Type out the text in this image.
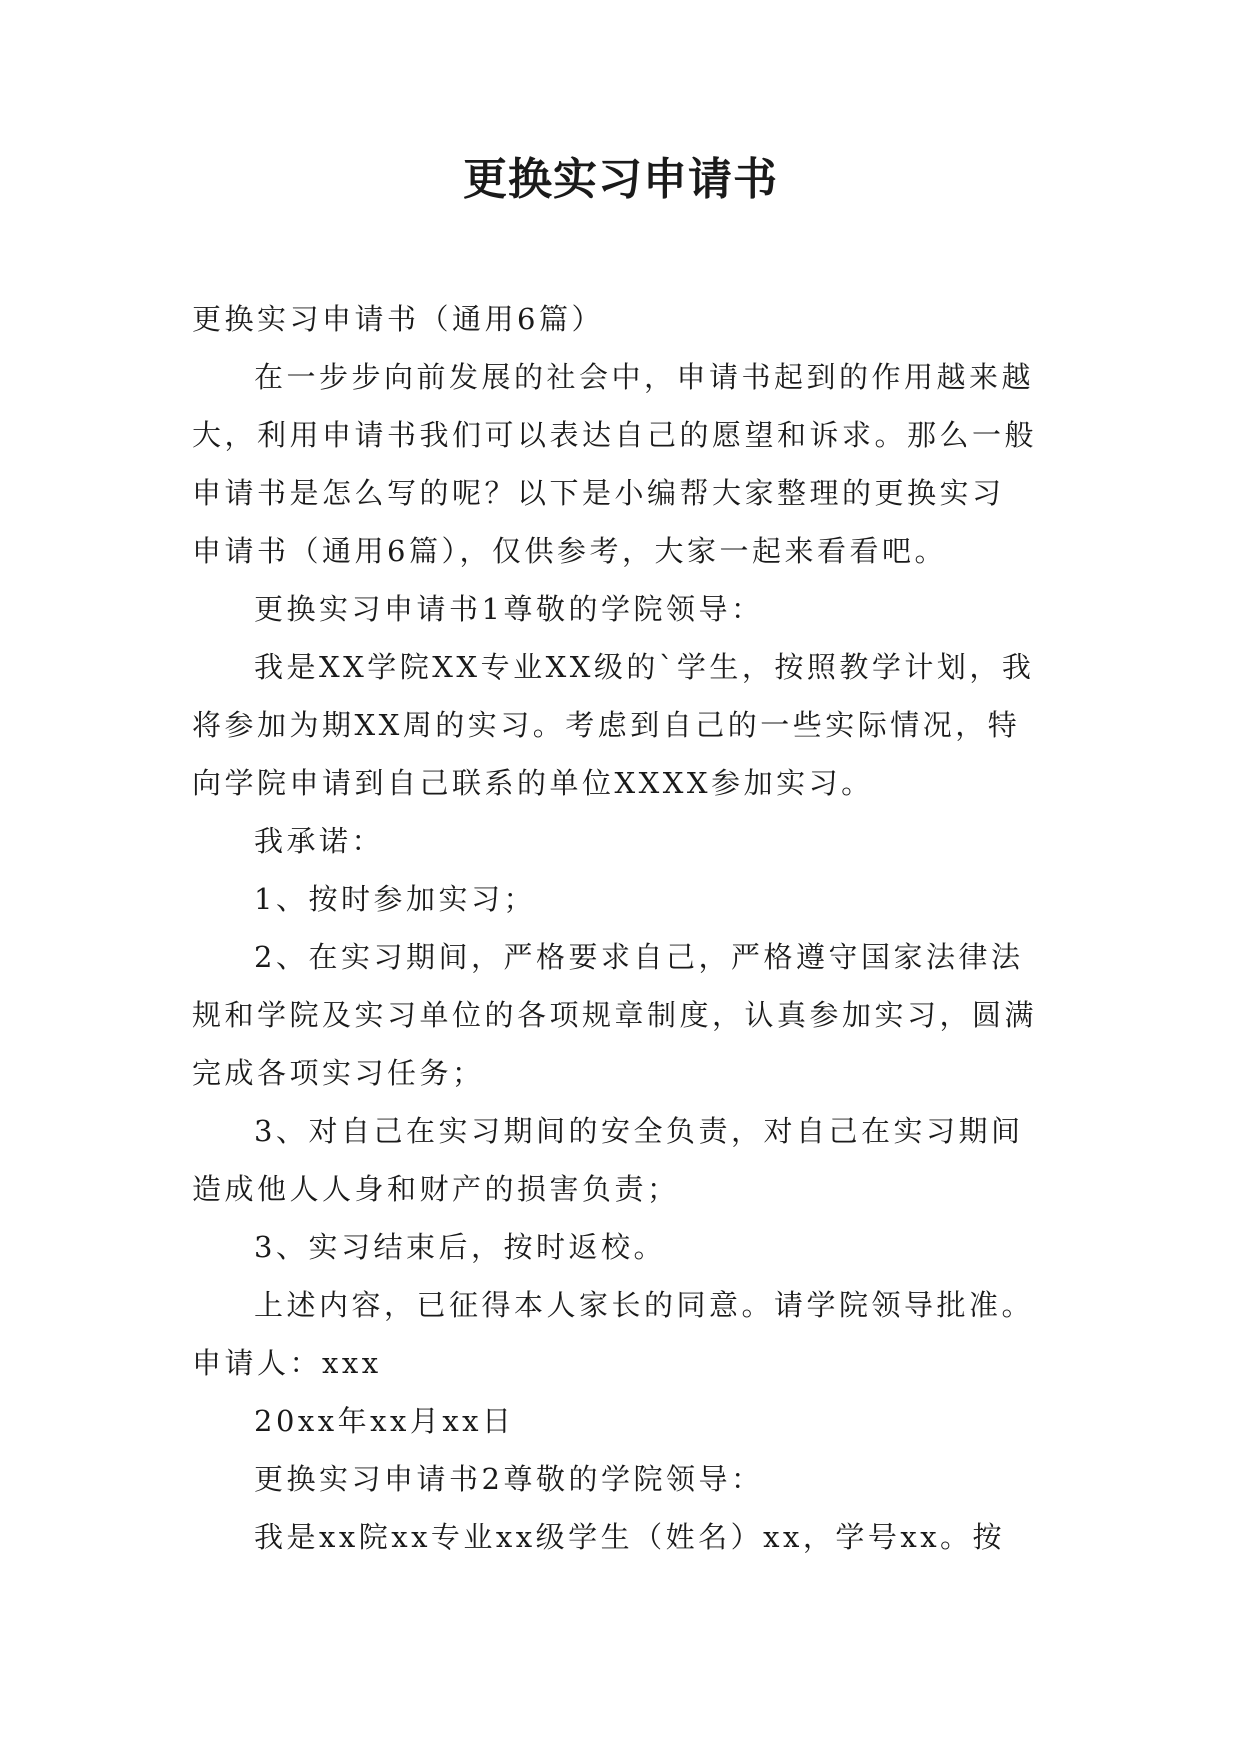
更换实习申请书
更换实习申请书（通用6篇）
在一步步向前发展的社会中，申请书起到的作用越来越
大，利用申请书我们可以表达自己的愿望和诉求。那么一般
申请书是怎么写的呢？以下是小编帮大家整理的更换实习
申请书（通用6篇），仅供参考，大家一起来看看吧。
更换实习申请书1尊敬的学院领导：
我是XX学院XX专业XX级的`学生，按照教学计划，我
将参加为期XX周的实习。考虑到自己的一些实际情况，特
向学院申请到自己联系的单位XXXX参加实习。
我承诺：
1、按时参加实习；
2、在实习期间，严格要求自己，严格遵守国家法律法
规和学院及实习单位的各项规章制度，认真参加实习，圆满
完成各项实习任务；
3、对自己在实习期间的安全负责，对自己在实习期间
造成他人人身和财产的损害负责；
3、实习结束后，按时返校。
上述内容，已征得本人家长的同意。请学院领导批准。
申请人：xxx
20xx年xx月xx日
更换实习申请书2尊敬的学院领导：
我是xx院xx专业xx级学生（姓名）xx，学号xx。按
